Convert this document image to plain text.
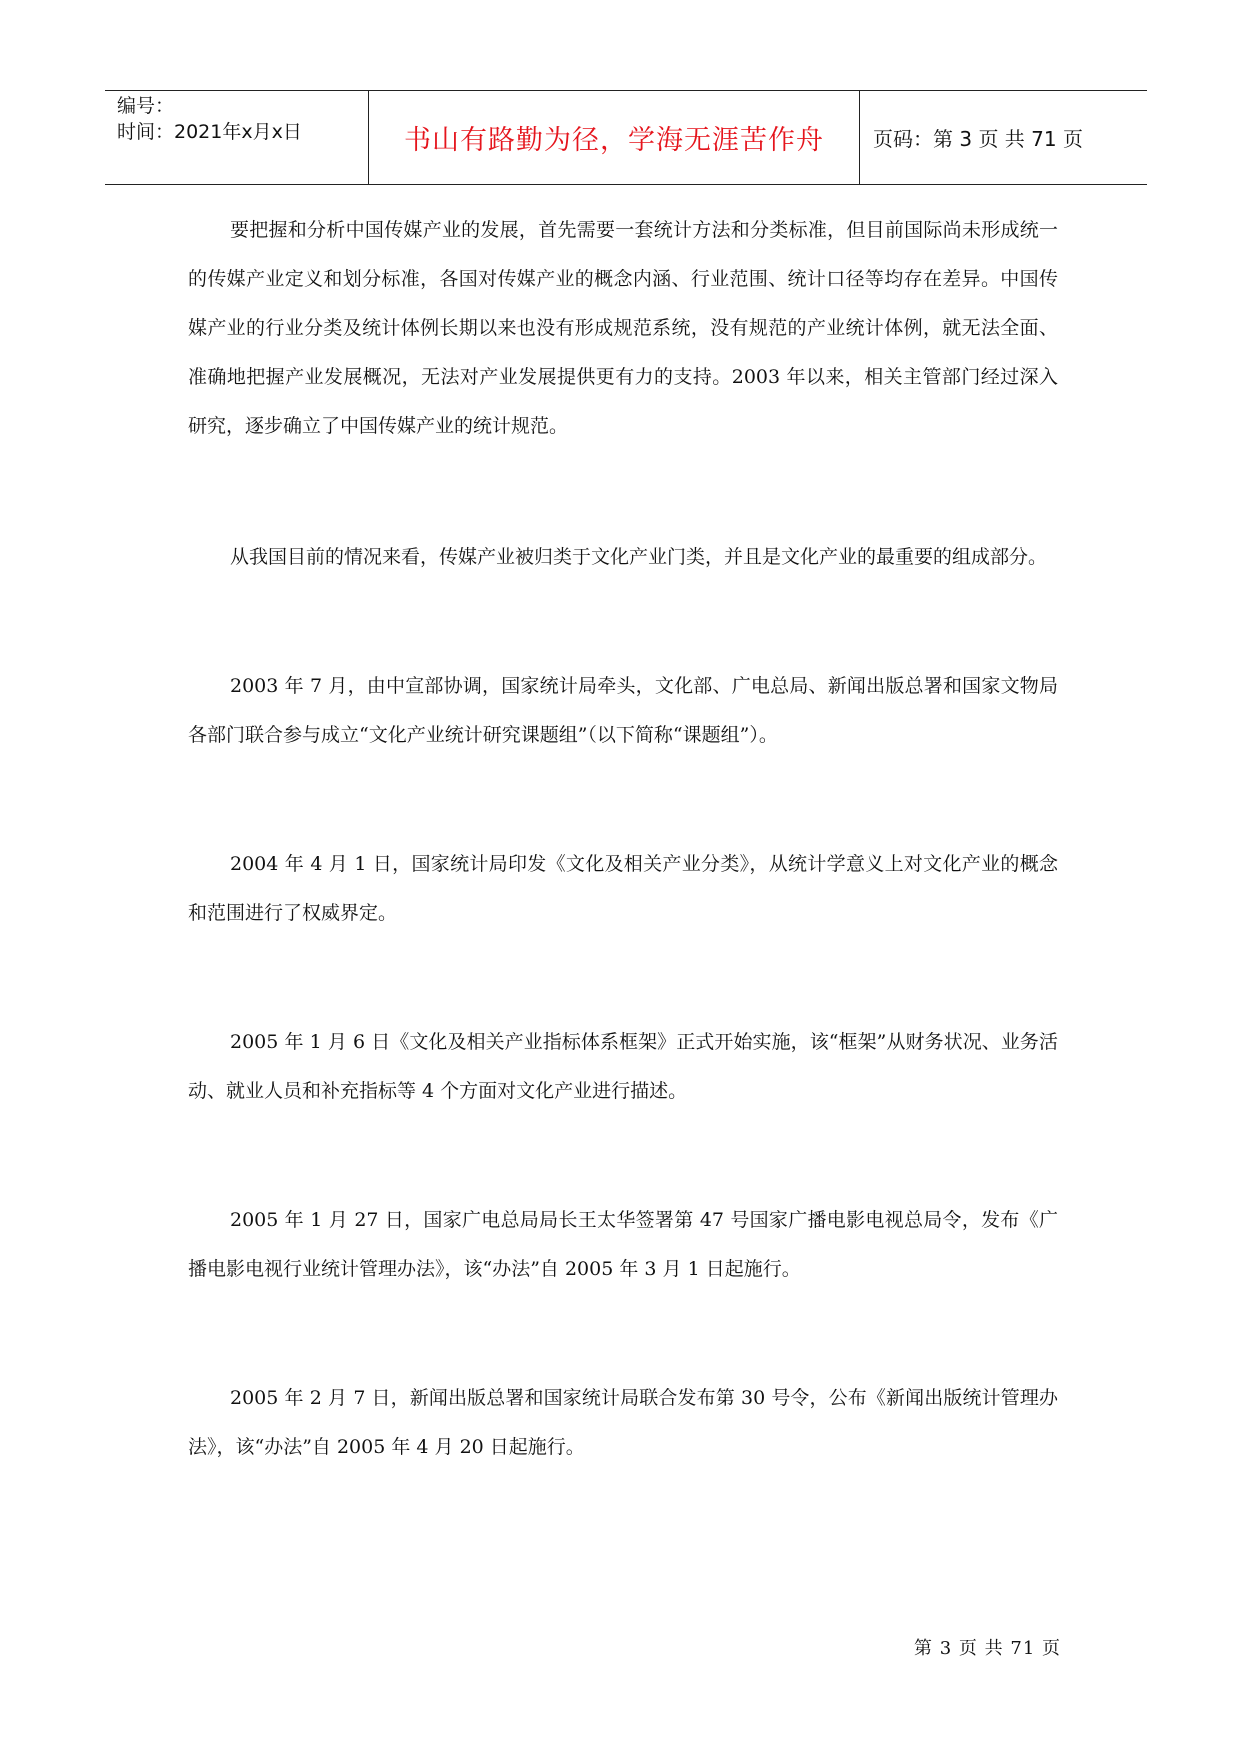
编号：
时间：2021年x月x日	书山有路勤为径，学海无涯苦作舟	页码：第 3 页 共 71 页

要把握和分析中国传媒产业的发展，首先需要一套统计方法和分类标准，但目前国际尚未形成统一的传媒产业定义和划分标准，各国对传媒产业的概念内涵、行业范围、统计口径等均存在差异。中国传媒产业的行业分类及统计体例长期以来也没有形成规范系统，没有规范的产业统计体例，就无法全面、准确地把握产业发展概况，无法对产业发展提供更有力的支持。2003 年以来，相关主管部门经过深入研究，逐步确立了中国传媒产业的统计规范。

从我国目前的情况来看，传媒产业被归类于文化产业门类，并且是文化产业的最重要的组成部分。

2003 年 7 月，由中宣部协调，国家统计局牵头，文化部、广电总局、新闻出版总署和国家文物局各部门联合参与成立“文化产业统计研究课题组”（以下简称“课题组”）。

2004 年 4 月 1 日，国家统计局印发《文化及相关产业分类》，从统计学意义上对文化产业的概念和范围进行了权威界定。

2005 年 1 月 6 日《文化及相关产业指标体系框架》正式开始实施，该“框架”从财务状况、业务活动、就业人员和补充指标等 4 个方面对文化产业进行描述。

2005 年 1 月 27 日，国家广电总局局长王太华签署第 47 号国家广播电影电视总局令，发布《广播电影电视行业统计管理办法》，该“办法”自 2005 年 3 月 1 日起施行。

2005 年 2 月 7 日，新闻出版总署和国家统计局联合发布第 30 号令，公布《新闻出版统计管理办法》，该“办法”自 2005 年 4 月 20 日起施行。

第 3 页 共 71 页
